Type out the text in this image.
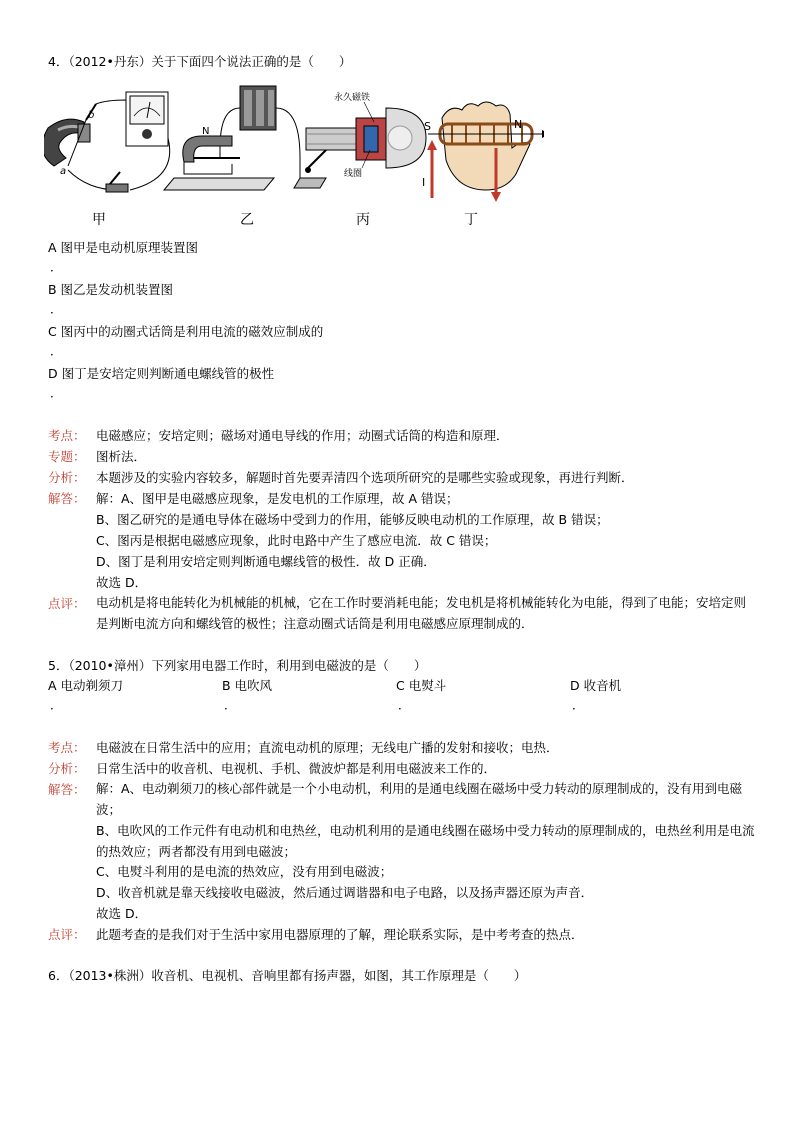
4．（2012•丹东）关于下面四个说法正确的是（　　）
b
a
甲
N
乙
永久磁铁
线圈
丙
S	N
I
丁
A 图甲是电动机原理装置图
．
B 图乙是发动机装置图
．
C 图丙中的动圈式话筒是利用电流的磁效应制成的
．
D 图丁是安培定则判断通电螺线管的极性
．
考点： 电磁感应；安培定则；磁场对通电导线的作用；动圈式话筒的构造和原理．
专题： 图析法．
分析： 本题涉及的实验内容较多，解题时首先要弄清四个选项所研究的是哪些实验或现象，再进行判断．
解答： 解：A、图甲是电磁感应现象，是发电机的工作原理，故 A 错误；
B、图乙研究的是通电导体在磁场中受到力的作用，能够反映电动机的工作原理，故 B 错误；
C、图丙是根据电磁感应现象，此时电路中产生了感应电流．故 C 错误；
D、图丁是利用安培定则判断通电螺线管的极性．故 D 正确．
故选 D．
点评： 电动机是将电能转化为机械能的机械，它在工作时要消耗电能；发电机是将机械能转化为电能，得到了电能；安培定则是判断电流方向和螺线管的极性；注意动圈式话筒是利用电磁感应原理制成的．
5．（2010•漳州）下列家用电器工作时，利用到电磁波的是（　　）
A 电动剃须刀	B 电吹风	C 电熨斗	D 收音机
．	．	．	．
考点： 电磁波在日常生活中的应用；直流电动机的原理；无线电广播的发射和接收；电热．
分析： 日常生活中的收音机、电视机、手机、微波炉都是利用电磁波来工作的．
解答： 解：A、电动剃须刀的核心部件就是一个小电动机，利用的是通电线圈在磁场中受力转动的原理制成的，没有用到电磁波；
B、电吹风的工作元件有电动机和电热丝，电动机利用的是通电线圈在磁场中受力转动的原理制成的，电热丝利用是电流的热效应；两者都没有用到电磁波；
C、电熨斗利用的是电流的热效应，没有用到电磁波；
D、收音机就是靠天线接收电磁波，然后通过调谐器和电子电路，以及扬声器还原为声音．
故选 D．
点评： 此题考查的是我们对于生活中家用电器原理的了解，理论联系实际，是中考考查的热点．
6．（2013•株洲）收音机、电视机、音响里都有扬声器，如图，其工作原理是（　　）
